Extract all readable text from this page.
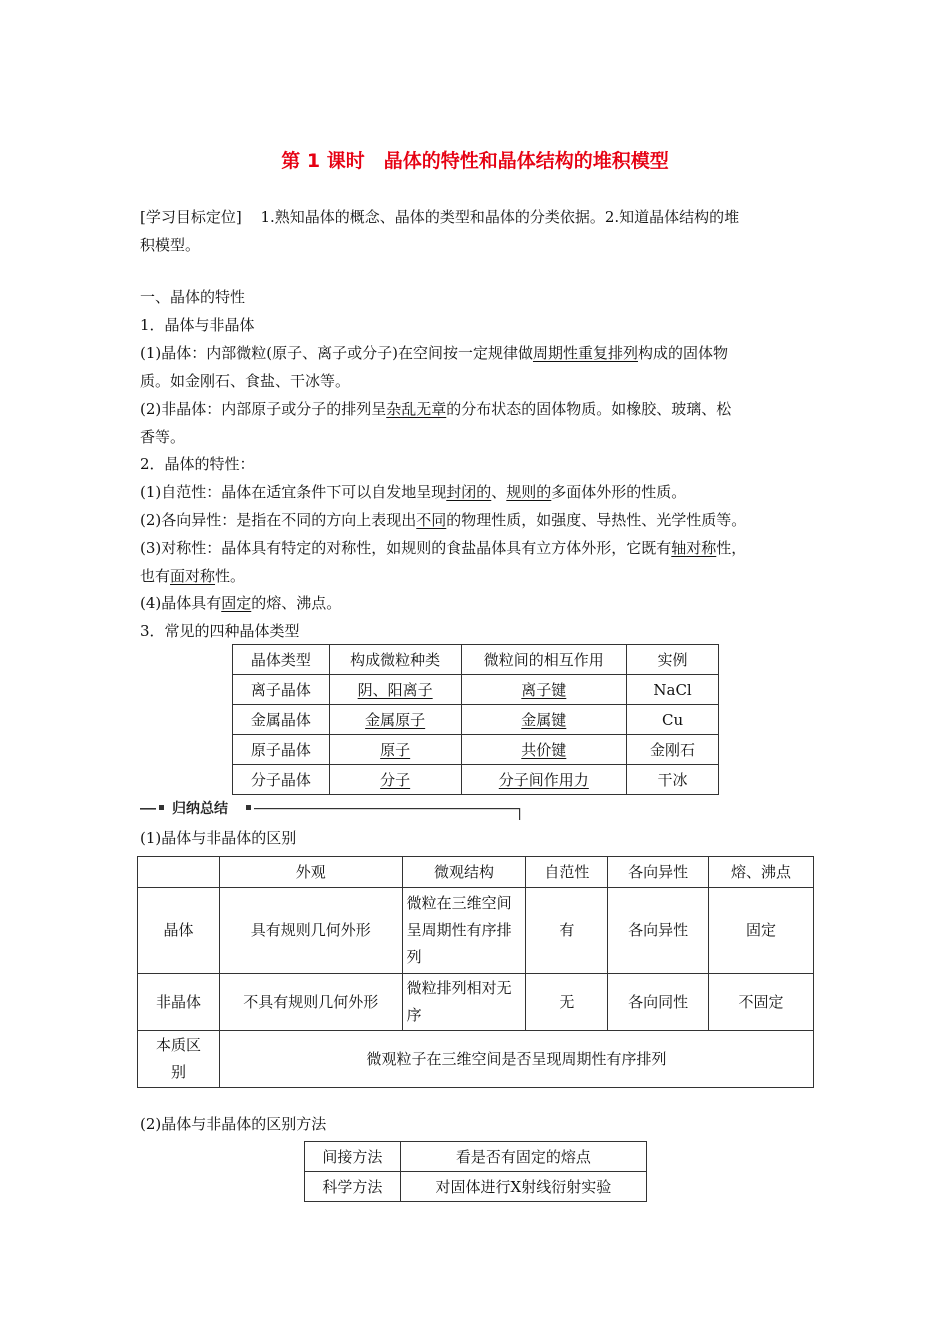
第 1 课时　晶体的特性和晶体结构的堆积模型
[学习目标定位] 1.熟知晶体的概念、晶体的类型和晶体的分类依据。2.知道晶体结构的堆
积模型。
一、晶体的特性
1．晶体与非晶体
(1)晶体：内部微粒(原子、离子或分子)在空间按一定规律做周期性重复排列构成的固体物
质。如金刚石、食盐、干冰等。
(2)非晶体：内部原子或分子的排列呈杂乱无章的分布状态的固体物质。如橡胶、玻璃、松
香等。
2．晶体的特性：
(1)自范性：晶体在适宜条件下可以自发地呈现封闭的、规则的多面体外形的性质。
(2)各向异性：是指在不同的方向上表现出不同的物理性质，如强度、导热性、光学性质等。
(3)对称性：晶体具有特定的对称性，如规则的食盐晶体具有立方体外形，它既有轴对称性，
也有面对称性。
(4)晶体具有固定的熔、沸点。
3．常见的四种晶体类型
晶体类型	构成微粒种类	微粒间的相互作用	实例
离子晶体	阴、阳离子	离子键	NaCl
金属晶体	金属原子	金属键	Cu
原子晶体	原子	共价键	金刚石
分子晶体	分子	分子间作用力	干冰
归纳总结
(1)晶体与非晶体的区别
	外观	微观结构	自范性	各向异性	熔、沸点
晶体	具有规则几何外形	微粒在三维空间呈周期性有序排列	有	各向异性	固定
非晶体	不具有规则几何外形	微粒排列相对无序	无	各向同性	不固定
本质区别	微观粒子在三维空间是否呈现周期性有序排列				
(2)晶体与非晶体的区别方法
间接方法	看是否有固定的熔点
科学方法	对固体进行X射线衍射实验
